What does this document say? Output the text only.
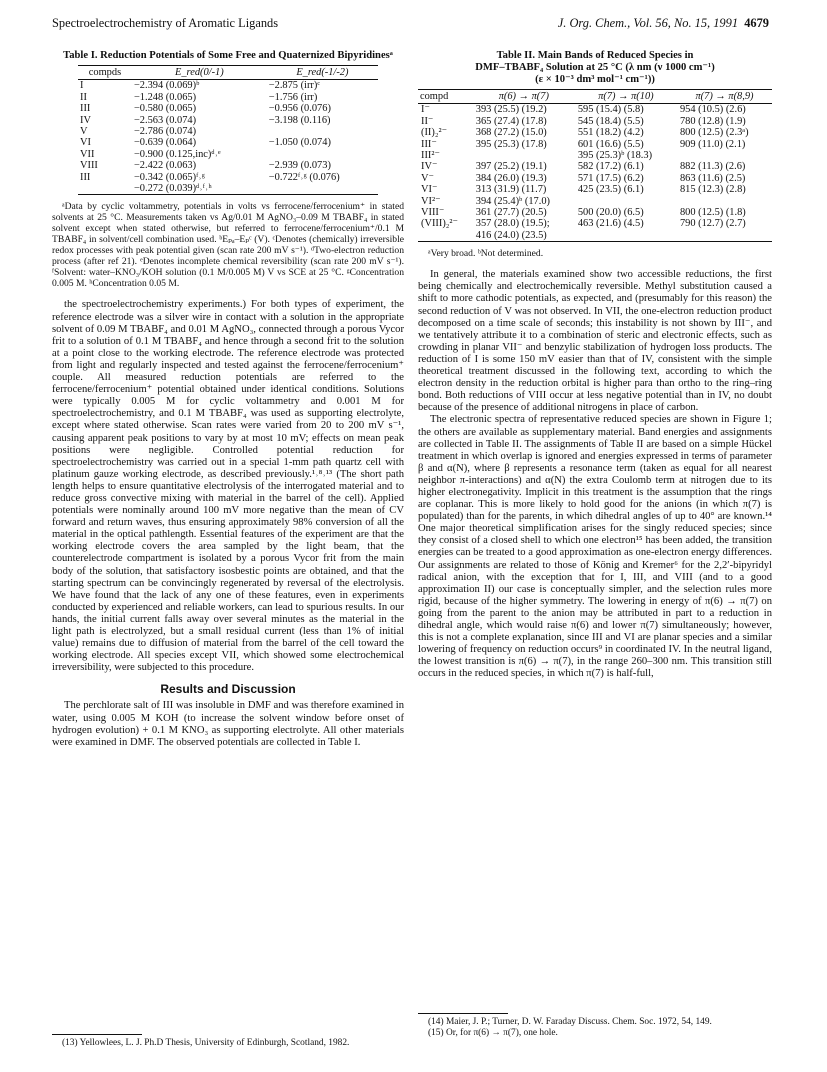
Spectroelectrochemistry of Aromatic Ligands	J. Org. Chem., Vol. 56, No. 15, 1991 4679
Table I. Reduction Potentials of Some Free and Quaternized Bipyridinesᵃ
compds	E_red(0/-1)	E_red(-1/-2)
I	−2.394 (0.069)ᵇ	−2.875 (irr)ᶜ
II	−1.248 (0.065)	−1.756 (irr)
III	−0.580 (0.065)	−0.956 (0.076)
IV	−2.563 (0.074)	−3.198 (0.116)
V	−2.786 (0.074)	
VI	−0.639 (0.064)	−1.050 (0.074)
VII	−0.900 (0.125,inc)ᵈ˒ᵉ	
VIII	−2.422 (0.063)	−2.939 (0.073)
III	−0.342 (0.065)ᶠ˒ᵍ	−0.722ᶠ˒ᵍ (0.076)
	−0.272 (0.039)ᵈ˒ᶠ˒ʰ	
ᵃData by cyclic voltammetry, potentials in volts vs ferrocene/ferrocenium⁺ in stated solvents at 25 °C. Measurements taken vs Ag/0.01 M AgNO₃–0.09 M TBABF₄ in stated solvent except when stated otherwise, but referred to ferrocene/ferrocenium⁺/0.1 M TBABF₄ in solvent/cell combination used. ᵇEₚₐ–Eₚᶜ (V). ᶜDenotes (chemically) irreversible redox processes with peak potential given (scan rate 200 mV s⁻¹). ᵈTwo-electron reduction process (after ref 21). ᵉDenotes incomplete chemical reversibility (scan rate 200 mV s⁻¹). ᶠSolvent: water–KNO₃/KOH solution (0.1 M/0.005 M) V vs SCE at 25 °C. ᵍConcentration 0.005 M. ʰConcentration 0.05 M.

the spectroelectrochemistry experiments.) For both types of experiment, the reference electrode was a silver wire in contact with a solution in the appropriate solvent of 0.09 M TBABF₄ and 0.01 M AgNO₃, connected through a porous Vycor frit to a solution of 0.1 M TBABF₄ and hence through a second frit to the solution at a point close to the working electrode. The reference electrode was protected from light and regularly inspected and tested against the ferrocene/ferrocenium⁺ couple. All measured reduction potentials are referred to the ferrocene/ferrocenium⁺ potential obtained under identical conditions. Solutions were typically 0.005 M for cyclic voltammetry and 0.001 M for spectroelectrochemistry, and 0.1 M TBABF₄ was used as supporting electrolyte, except where stated otherwise. Scan rates were varied from 20 to 200 mV s⁻¹, causing apparent peak positions to vary by at most 10 mV; effects on mean peak positions were negligible. Controlled potential reduction for spectroelectrochemistry was carried out in a special 1-mm path quartz cell with platinum gauze working electrode, as described previously.¹˒⁸˒¹³ (The short path length helps to ensure quantitative electrolysis of the interrogated material and to reduce gross convective mixing with material in the barrel of the cell). Applied potentials were nominally around 100 mV more negative than the mean of CV forward and return waves, thus ensuring approximately 98% conversion of all the material in the optical pathlength. Essential features of the experiment are that the working electrode covers the area sampled by the light beam, that the counterelectrode compartment is isolated by a porous Vycor frit from the main body of the solution, that satisfactory isosbestic points are obtained, and that the starting spectrum can be convincingly regenerated by reversal of the electrolysis. We have found that the lack of any one of these features, even in experiments conducted by experienced and reliable workers, can lead to spurious results. In our hands, the initial current falls away over several minutes as the material in the light path is electrolyzed, but a small residual current (less than 1% of initial value) remains due to diffusion of material from the barrel of the cell toward the working electrode. All species except VII, which showed some electrochemical irreversibility, were subjected to this procedure.

Results and Discussion

The perchlorate salt of III was insoluble in DMF and was therefore examined in water, using 0.005 M KOH (to increase the solvent window before onset of hydrogen evolution) + 0.1 M KNO₃ as supporting electrolyte. All other materials were examined in DMF. The observed potentials are collected in Table I.

Table II. Main Bands of Reduced Species in
DMF–TBABF₄ Solution at 25 °C (λ nm (ν 1000 cm⁻¹)
(ε × 10⁻³ dm³ mol⁻¹ cm⁻¹))
compd	π(6) → π(7)	π(7) → π(10)	π(7) → π(8,9)
I⁻	393 (25.5) (19.2)	595 (15.4) (5.8)	954 (10.5) (2.6)
II⁻	365 (27.4) (17.8)	545 (18.4) (5.5)	780 (12.8) (1.9)
(II)₂²⁻	368 (27.2) (15.0)	551 (18.2) (4.2)	800 (12.5) (2.3ᵃ)
III⁻	395 (25.3) (17.8)	601 (16.6) (5.5)	909 (11.0) (2.1)
III²⁻		395 (25.3)ᵇ (18.3)	
IV⁻	397 (25.2) (19.1)	582 (17.2) (6.1)	882 (11.3) (2.6)
V⁻	384 (26.0) (19.3)	571 (17.5) (6.2)	863 (11.6) (2.5)
VI⁻	313 (31.9) (11.7)	425 (23.5) (6.1)	815 (12.3) (2.8)
VI²⁻	394 (25.4)ᵇ (17.0)		
VIII⁻	361 (27.7) (20.5)	500 (20.0) (6.5)	800 (12.5) (1.8)
(VIII)₂²⁻	357 (28.0) (19.5);	463 (21.6) (4.5)	790 (12.7) (2.7)
	416 (24.0) (23.5)		
ᵃVery broad. ᵇNot determined.

In general, the materials examined show two accessible reductions, the first being chemically and electrochemically reversible. Methyl substitution caused a shift to more cathodic potentials, as expected, and (presumably for this reason) the second reduction of V was not observed. In VII, the one-electron reduction product decomposed on a time scale of seconds; this instability is not shown by III⁻, and we tentatively attribute it to a combination of steric and electronic effects, such as crowding in planar VII⁻ and benzylic stabilization of hydrogen loss products. The reduction of I is some 150 mV easier than that of IV, consistent with the simple theoretical treatment discussed in the following text, according to which the electron density in the reduction orbital is higher para than ortho to the ring–ring bond. Both reductions of VIII occur at less negative potential than in IV, no doubt because of the presence of additional nitrogens in place of carbon.

The electronic spectra of representative reduced species are shown in Figure 1; the others are available as supplementary material. Band energies and assignments are collected in Table II. The assignments of Table II are based on a simple Hückel treatment in which overlap is ignored and energies expressed in terms of parameter β and α(N), where β represents a resonance term (taken as equal for all nearest neighbor π-interactions) and α(N) the extra Coulomb term at nitrogen due to its higher electronegativity. Implicit in this treatment is the assumption that the rings are coplanar. This is more likely to hold good for the anions (in which π(7) is populated) than for the parents, in which dihedral angles of up to 40° are known.¹⁴ One major theoretical simplification arises for the singly reduced species; since they consist of a closed shell to which one electron¹⁵ has been added, the transition energies can be treated to a good approximation as one-electron energy differences. Our assignments are related to those of König and Kremer⁶ for the 2,2′-bipyridyl radical anion, with the exception that for I, III, and VIII (and to a good approximation II) our case is conceptually simpler, and the selection rules more rigid, because of the higher symmetry. The lowering in energy of π(6) → π(7) on going from the parent to the anion may be attributed in part to a reduction in dihedral angle, which would raise π(6) and lower π(7) simultaneously; however, this is not a complete explanation, since III and VI are planar species and a similar lowering of frequency on reduction occurs⁹ in coordinated IV. In the neutral ligand, the lowest transition is π(6) → π(7), in the range 260–300 nm. This transition still occurs in the reduced species, in which π(7) is half-full,

(13) Yellowlees, L. J. Ph.D Thesis, University of Edinburgh, Scotland, 1982.
(14) Maier, J. P.; Turner, D. W. Faraday Discuss. Chem. Soc. 1972, 54, 149.
(15) Or, for π(6) → π(7), one hole.
